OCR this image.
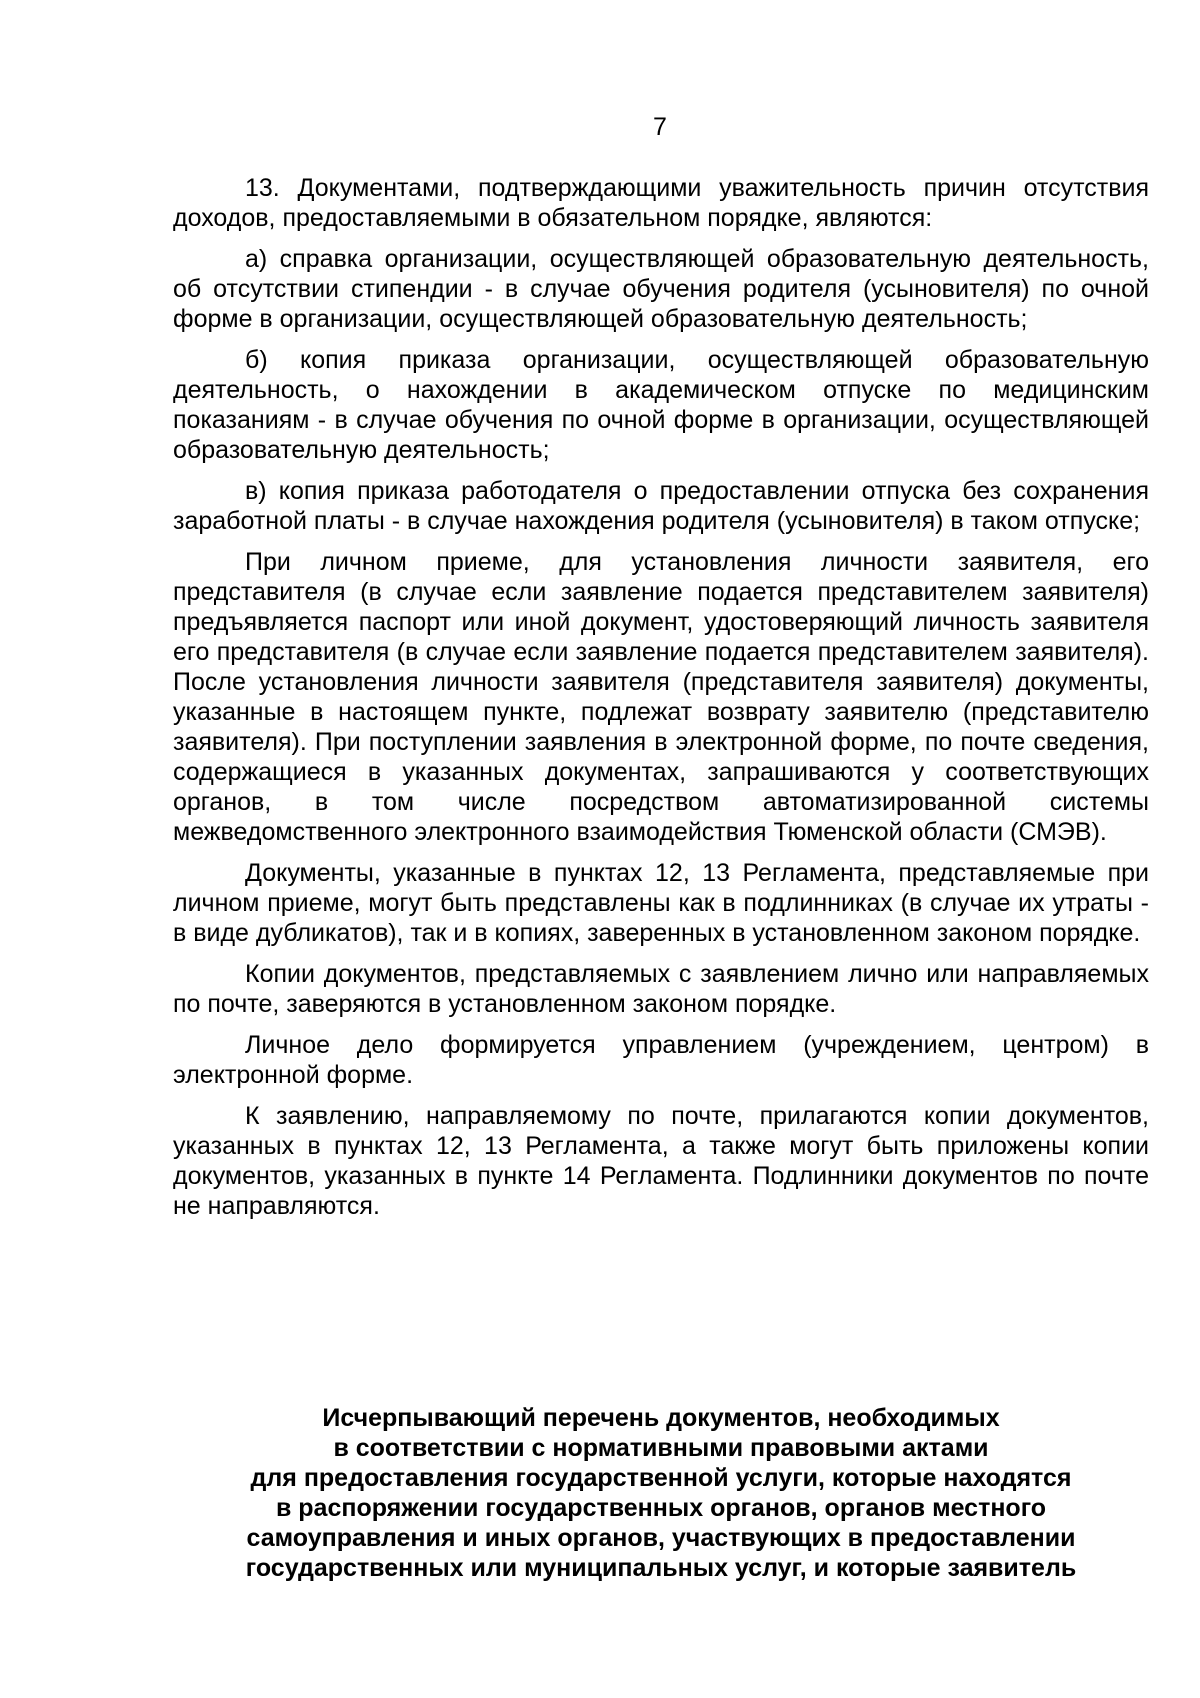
7

13. Документами, подтверждающими уважительность причин отсутствия доходов, предоставляемыми в обязательном порядке, являются:

а) справка организации, осуществляющей образовательную деятельность, об отсутствии стипендии - в случае обучения родителя (усыновителя) по очной форме в организации, осуществляющей образовательную деятельность;

б) копия приказа организации, осуществляющей образовательную деятельность, о нахождении в академическом отпуске по медицинским показаниям - в случае обучения по очной форме в организации, осуществляющей образовательную деятельность;

в) копия приказа работодателя о предоставлении отпуска без сохранения заработной платы - в случае нахождения родителя (усыновителя) в таком отпуске;

При личном приеме, для установления личности заявителя, его представителя (в случае если заявление подается представителем заявителя) предъявляется паспорт или иной документ, удостоверяющий личность заявителя его представителя (в случае если заявление подается представителем заявителя). После установления личности заявителя (представителя заявителя) документы, указанные в настоящем пункте, подлежат возврату заявителю (представителю заявителя). При поступлении заявления в электронной форме, по почте сведения, содержащиеся в указанных документах, запрашиваются у соответствующих органов, в том числе посредством автоматизированной системы межведомственного электронного взаимодействия Тюменской области (СМЭВ).

Документы, указанные в пунктах 12, 13 Регламента, представляемые при личном приеме, могут быть представлены как в подлинниках (в случае их утраты - в виде дубликатов), так и в копиях, заверенных в установленном законом порядке.

Копии документов, представляемых с заявлением лично или направляемых по почте, заверяются в установленном законом порядке.

Личное дело формируется управлением (учреждением, центром) в электронной форме.

К заявлению, направляемому по почте, прилагаются копии документов, указанных в пунктах 12, 13 Регламента, а также могут быть приложены копии документов, указанных в пункте 14 Регламента. Подлинники документов по почте не направляются.

Исчерпывающий перечень документов, необходимых
в соответствии с нормативными правовыми актами
для предоставления государственной услуги, которые находятся
в распоряжении государственных органов, органов местного
самоуправления и иных органов, участвующих в предоставлении
государственных или муниципальных услуг, и которые заявитель
